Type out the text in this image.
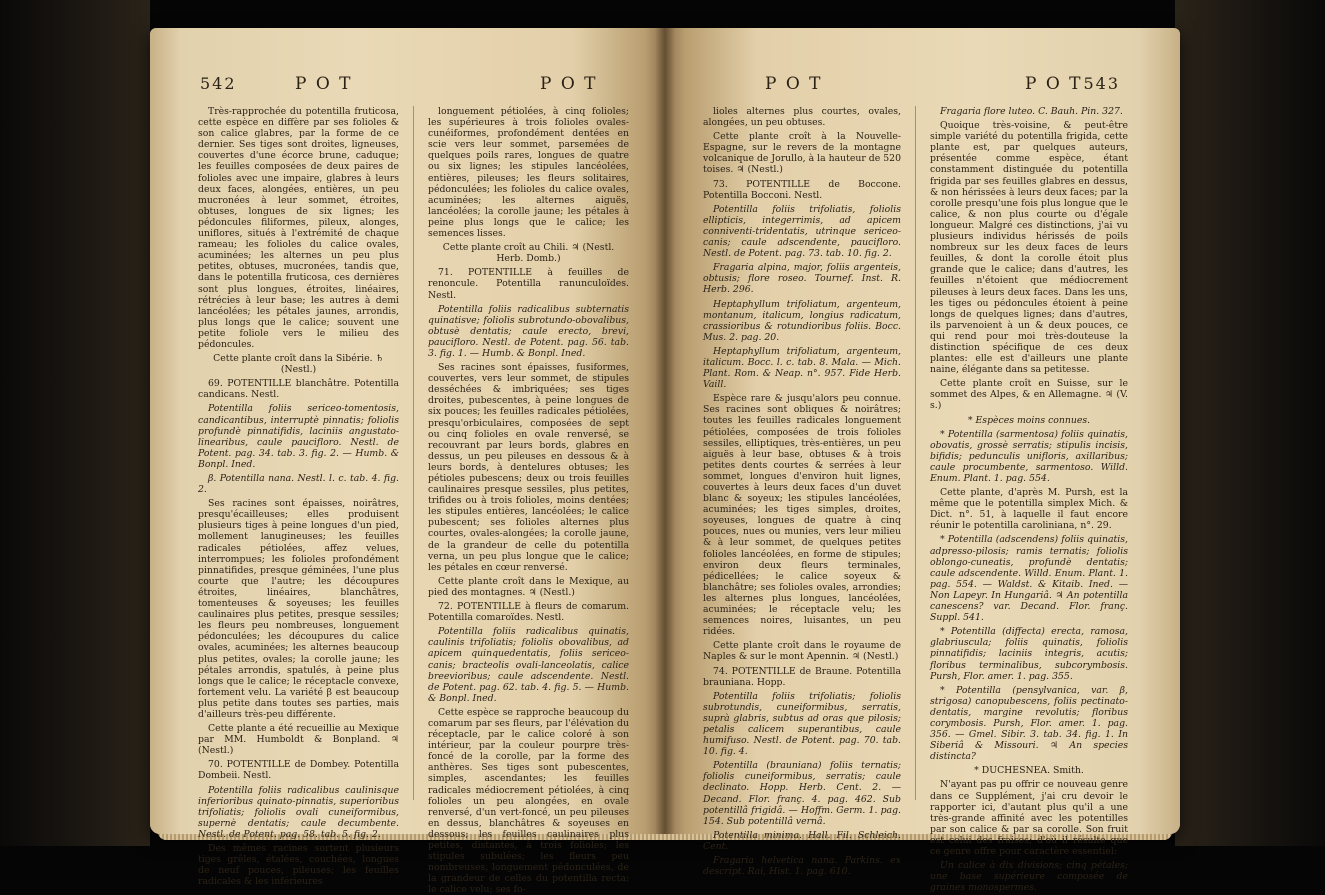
542	P O T	P O T

Très-rapprochée du potentilla fruticosa, cette espèce en diffère par ses folioles & son calice glabres, par la forme de ce dernier. Ses tiges sont droites, ligneuses, couvertes d'une écorce brune, caduque; les feuilles composées de deux paires de folioles avec une impaire, glabres à leurs deux faces, alongées, entières, un peu mucronées à leur sommet, étroites, obtuses, longues de six lignes; les pédoncules filiformes, pileux, alonges, uniflores, situés à l'extrémité de chaque rameau; les folioles du calice ovales, acuminées; les alternes un peu plus petites, obtuses, mucronées, tandis que, dans le potentilla fruticosa, ces dernières sont plus longues, étroites, linéaires, rétrécies à leur base; les autres à demi lancéolées; les pétales jaunes, arrondis, plus longs que le calice; souvent une petite foliole vers le milieu des pédoncules.

Cette plante croît dans la Sibérie. ♄ (Nestl.)

69. POTENTILLE blanchâtre. Potentilla candicans. Nestl.

Potentilla foliis sericeo-tomentosis, candicantibus, interruptè pinnatis; foliolis profundè pinnatifidis, laciniis angustato-linearibus, caule paucifloro. Nestl. de Potent. pag. 34. tab. 3. fig. 2. — Humb. & Bonpl. Ined.

β. Potentilla nana. Nestl. l. c. tab. 4. fig. 2.

Ses racines sont épaisses, noirâtres, presqu'écailleuses; elles produisent plusieurs tiges à peine longues d'un pied, mollement lanugineuses; les feuilles radicales pétiolées, affez velues, interrompues; les folioles profondément pinnatifides, presque géminées, l'une plus courte que l'autre; les découpures étroites, linéaires, blanchâtres, tomenteuses & soyeuses; les feuilles caulinaires plus petites, presque sessiles; les fleurs peu nombreuses, longuement pédonculées; les découpures du calice ovales, acuminées; les alternes beaucoup plus petites, ovales; la corolle jaune; les pétales arrondis, spatulés, à peine plus longs que le calice; le réceptacle convexe, fortement velu. La variété β est beaucoup plus petite dans toutes ses parties, mais d'ailleurs très-peu différente.

Cette plante a été recueillie au Mexique par MM. Humboldt & Bonpland. ♃ (Nestl.)

70. POTENTILLE de Dombey. Potentilla Dombeii. Nestl.

Potentilla foliis radicalibus caulinisque inferioribus quinato-pinnatis, superioribus trifoliatis; foliolis ovali cuneiformibus, supernè dentatis; caule decumbente. Nestl. de Potent. pag. 58. tab. 5. fig. 2.

Des mêmes racines sortent plusieurs tiges grêles, étalées, couchées, longues de neuf pouces, pileuses; les feuilles radicales & les inférieures

longuement pétiolées, à cinq folioles; les supérieures à trois folioles ovales-cunéiformes, profondément dentées en scie vers leur sommet, parsemées de quelques poils rares, longues de quatre ou six lignes; les stipules lancéolées, entières, pileuses; les fleurs solitaires, pédonculées; les folioles du calice ovales, acuminées; les alternes aiguës, lancéolées; la corolle jaune; les pétales à peine plus longs que le calice; les semences lisses.

Cette plante croît au Chili. ♃ (Nestl. Herb. Domb.)

71. POTENTILLE à feuilles de renoncule. Potentilla ranunculoïdes. Nestl.

Potentilla foliis radicalibus subternatis quinatisve; foliolis subrotundo-obovalibus, obtusè dentatis; caule erecto, brevi, paucifloro. Nestl. de Potent. pag. 56. tab. 3. fig. 1. — Humb. & Bonpl. Ined.

Ses racines sont épaisses, fusiformes, couvertes, vers leur sommet, de stipules desséchées & imbriquées; ses tiges droites, pubescentes, à peine longues de six pouces; les feuilles radicales pétiolées, presqu'orbiculaires, composées de sept ou cinq folioles en ovale renversé, se recouvrant par leurs bords, glabres en dessus, un peu pileuses en dessous & à leurs bords, à dentelures obtuses; les pétioles pubescens; deux ou trois feuilles caulinaires presque sessiles, plus petites, trifides ou à trois folioles, moins dentées; les stipules entières, lancéolées; le calice pubescent; ses folioles alternes plus courtes, ovales-alongées; la corolle jaune, de la grandeur de celle du potentilla verna, un peu plus longue que le calice; les pétales en cœur renversé.

Cette plante croît dans le Mexique, au pied des montagnes. ♃ (Nestl.)

72. POTENTILLE à fleurs de comarum. Potentilla comaroïdes. Nestl.

Potentilla foliis radicalibus quinatis, caulinis trifoliatis; foliolis obovalibus, ad apicem quinquedentatis, foliis sericeo-canis; bracteolis ovali-lanceolatis, calice breevioribus; caule adscendente. Nestl. de Potent. pag. 62. tab. 4. fig. 5. — Humb. & Bonpl. Ined.

Cette espèce se rapproche beaucoup du comarum par ses fleurs, par l'élévation du réceptacle, par le calice coloré à son intérieur, par la couleur pourpre très-foncé de la corolle, par la forme des anthères. Ses tiges sont pubescentes, simples, ascendantes; les feuilles radicales médiocrement pétiolées, à cinq folioles un peu alongées, en ovale renversé, d'un vert-foncé, un peu pileuses en dessus, blanchâtres & soyeuses en dessous; les feuilles caulinaires plus petites, distantes, à trois folioles; les stipules subulées; les fleurs peu nombreuses, longuement pédonculées, de la grandeur de celles du potentilla recta; le calice velu; ses fo-

P O T	P O T 543

lioles alternes plus courtes, ovales, alongées, un peu obtuses.

Cette plante croît à la Nouvelle-Espagne, sur le revers de la montagne volcanique de Jorullo, à la hauteur de 520 toises. ♃ (Nestl.)

73. POTENTILLE de Boccone. Potentilla Bocconi. Nestl.

Potentilla foliis trifoliatis, foliolis ellipticis, integerrimis, ad apicem conniventi-tridentatis, utrinque sericeo-canis; caule adscendente, paucifloro. Nestl. de Potent. pag. 73. tab. 10. fig. 2.

Fragaria alpina, major, foliis argenteis, obtusis; flore roseo. Tournef. Inst. R. Herb. 296.

Heptaphyllum trifoliatum, argenteum, montanum, italicum, longius radicatum, crassioribus & rotundioribus foliis. Bocc. Mus. 2. pag. 20.

Heptaphyllum trifoliatum, argenteum, italicum. Bocc. l. c. tab. 8. Mala. — Mich. Plant. Rom. & Neap. n°. 957. Fide Herb. Vaill.

Espèce rare & jusqu'alors peu connue. Ses racines sont obliques & noirâtres; toutes les feuilles radicales longuement pétiolées, composées de trois folioles sessiles, elliptiques, très-entières, un peu aiguës à leur base, obtuses & à trois petites dents courtes & serrées à leur sommet, longues d'environ huit lignes, couvertes à leurs deux faces d'un duvet blanc & soyeux; les stipules lancéolées, acuminées; les tiges simples, droites, soyeuses, longues de quatre à cinq pouces, nues ou munies, vers leur milieu & à leur sommet, de quelques petites folioles lancéolées, en forme de stipules; environ deux fleurs terminales, pédicellées; le calice soyeux & blanchâtre; ses folioles ovales, arrondies; les alternes plus longues, lancéolées, acuminées; le réceptacle velu; les semences noires, luisantes, un peu ridées.

Cette plante croît dans le royaume de Naples & sur le mont Apennin. ♃ (Nestl.)

74. POTENTILLE de Braune. Potentilla brauniana. Hopp.

Potentilla foliis trifoliatis; foliolis subrotundis, cuneiformibus, serratis, suprà glabris, subtus ad oras que pilosis; petalis calicem superantibus, caule humifuso. Nestl. de Potent. pag. 70. tab. 10. fig. 4.

Potentilla (brauniana) foliis ternatis; foliolis cuneiformibus, serratis; caule declinato. Hopp. Herb. Cent. 2. — Decand. Flor. franç. 4. pag. 462. Sub potentillâ frigidâ. — Hoffm. Germ. 1. pag. 154. Sub potentillâ vernâ.

Potentilla minima. Hall. Fil. Schleich. Cent.

Fragaria helvetica nana. Parkins. ex descript. Rai, Hist. 1. pag. 610.

Fragaria flore luteo. C. Bauh. Pin. 327.

Quoique très-voisine, & peut-être simple variété du potentilla frigida, cette plante est, par quelques auteurs, présentée comme espèce, étant constamment distinguée du potentilla frigida par ses feuilles glabres en dessus, & non hérissées à leurs deux faces; par la corolle presqu'une fois plus longue que le calice, & non plus courte ou d'égale longueur. Malgré ces distinctions, j'ai vu plusieurs individus hérissés de poils nombreux sur les deux faces de leurs feuilles, & dont la corolle étoit plus grande que le calice; dans d'autres, les feuilles n'étoient que médiocrement pileuses à leurs deux faces. Dans les uns, les tiges ou pédoncules étoient à peine longs de quelques lignes; dans d'autres, ils parvenoient à un & deux pouces, ce qui rend pour moi très-douteuse la distinction spécifique de ces deux plantes: elle est d'ailleurs une plante naine, élégante dans sa petitesse.

Cette plante croît en Suisse, sur le sommet des Alpes, & en Allemagne. ♃ (V. s.)

* Espèces moins connues.

* Potentilla (sarmentosa) foliis quinatis, obovatis, grossè serratis; stipulis incisis, bifidis; pedunculis unifloris, axillaribus; caule procumbente, sarmentoso. Willd. Enum. Plant. 1. pag. 554.

Cette plante, d'après M. Pursh, est la même que le potentilla simplex Mich. & Dict. n°. 51, à laquelle il faut encore réunir le potentilla caroliniana, n°. 29.

* Potentilla (adscendens) foliis quinatis, adpresso-pilosis; ramis ternatis; foliolis oblongo-cuneatis, profundè dentatis; caule adscendente. Willd. Enum. Plant. 1. pag. 554. — Waldst. & Kitaib. Ined. — Non Lapeyr. In Hungariâ. ♃ An potentilla canescens? var. Decand. Flor. franç. Suppl. 541.

* Potentilla (diffecta) erecta, ramosa, glabriuscula; foliis quinatis, foliolis pinnatifidis; laciniis integris, acutis; floribus terminalibus, subcorymbosis. Pursh, Flor. amer. 1. pag. 355.

* Potentilla (pensylvanica, var. β, strigosa) canopubescens, foliis pectinato-dentatis, margine revolutis; floribus corymbosis. Pursh, Flor. amer. 1. pag. 356. — Gmel. Sibir. 3. tab. 34. fig. 1. In Siberiâ & Missouri. ♃ An species distincta?

* DUCHESNEA. Smith.

N'ayant pas pu offrir ce nouveau genre dans ce Supplément, j'ai cru devoir le rapporter ici, d'autant plus qu'il a une très-grande affinité avec les potentilles par son calice & par sa corolle. Son fruit est celui des fraises; d'où il résulte que ce genre offre pour caractère essentiel:

Un calice à dix divisions; cinq pétales; une base supérieure composée de graines monospermes.
